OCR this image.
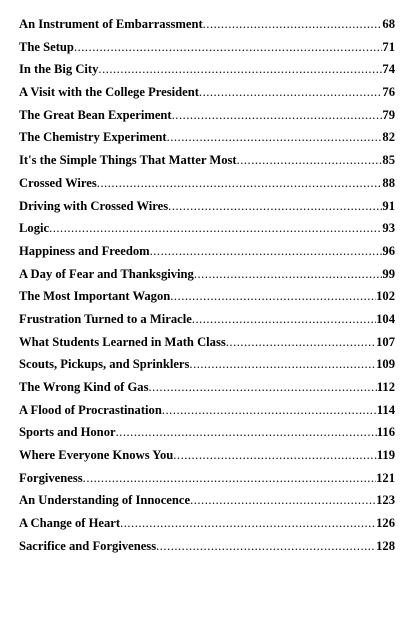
An Instrument of Embarrassment .....	68
The Setup .....	71
In the Big City .....	74
A Visit with the College President .....	76
The Great Bean Experiment .....	79
The Chemistry Experiment .....	82
It's the Simple Things That Matter Most .....	85
Crossed Wires .....	88
Driving with Crossed Wires .....	91
Logic .....	93
Happiness and Freedom .....	96
A Day of Fear and Thanksgiving .....	99
The Most Important Wagon .....	102
Frustration Turned to a Miracle .....	104
What Students Learned in Math Class .....	107
Scouts, Pickups, and Sprinklers .....	109
The Wrong Kind of Gas .....	112
A Flood of Procrastination .....	114
Sports and Honor .....	116
Where Everyone Knows You .....	119
Forgiveness .....	121
An Understanding of Innocence .....	123
A Change of Heart .....	126
Sacrifice and Forgiveness .....	128
